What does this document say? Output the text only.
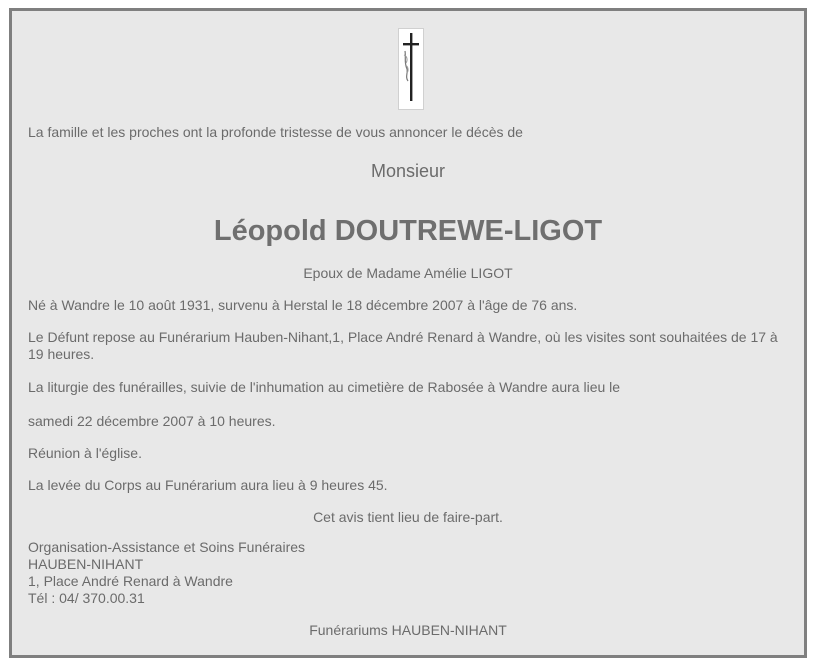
La famille et les proches ont la profonde tristesse de vous annoncer le décès de
Monsieur
Léopold DOUTREWE-LIGOT
Epoux de Madame Amélie LIGOT
Né à Wandre le 10 août 1931, survenu à Herstal le 18 décembre 2007 à l'âge de 76 ans.
Le Défunt repose au Funérarium Hauben-Nihant,1, Place André Renard à Wandre, où les visites sont souhaitées de 17 à 19 heures.
La liturgie des funérailles, suivie de l'inhumation au cimetière de Rabosée à Wandre aura lieu le
samedi 22 décembre 2007 à 10 heures.
Réunion à l'église.
La levée du Corps au Funérarium aura lieu à 9 heures 45.
Cet avis tient lieu de faire-part.
Organisation-Assistance et Soins Funéraires
HAUBEN-NIHANT
1, Place André Renard à Wandre
Tél : 04/ 370.00.31
Funérariums HAUBEN-NIHANT
